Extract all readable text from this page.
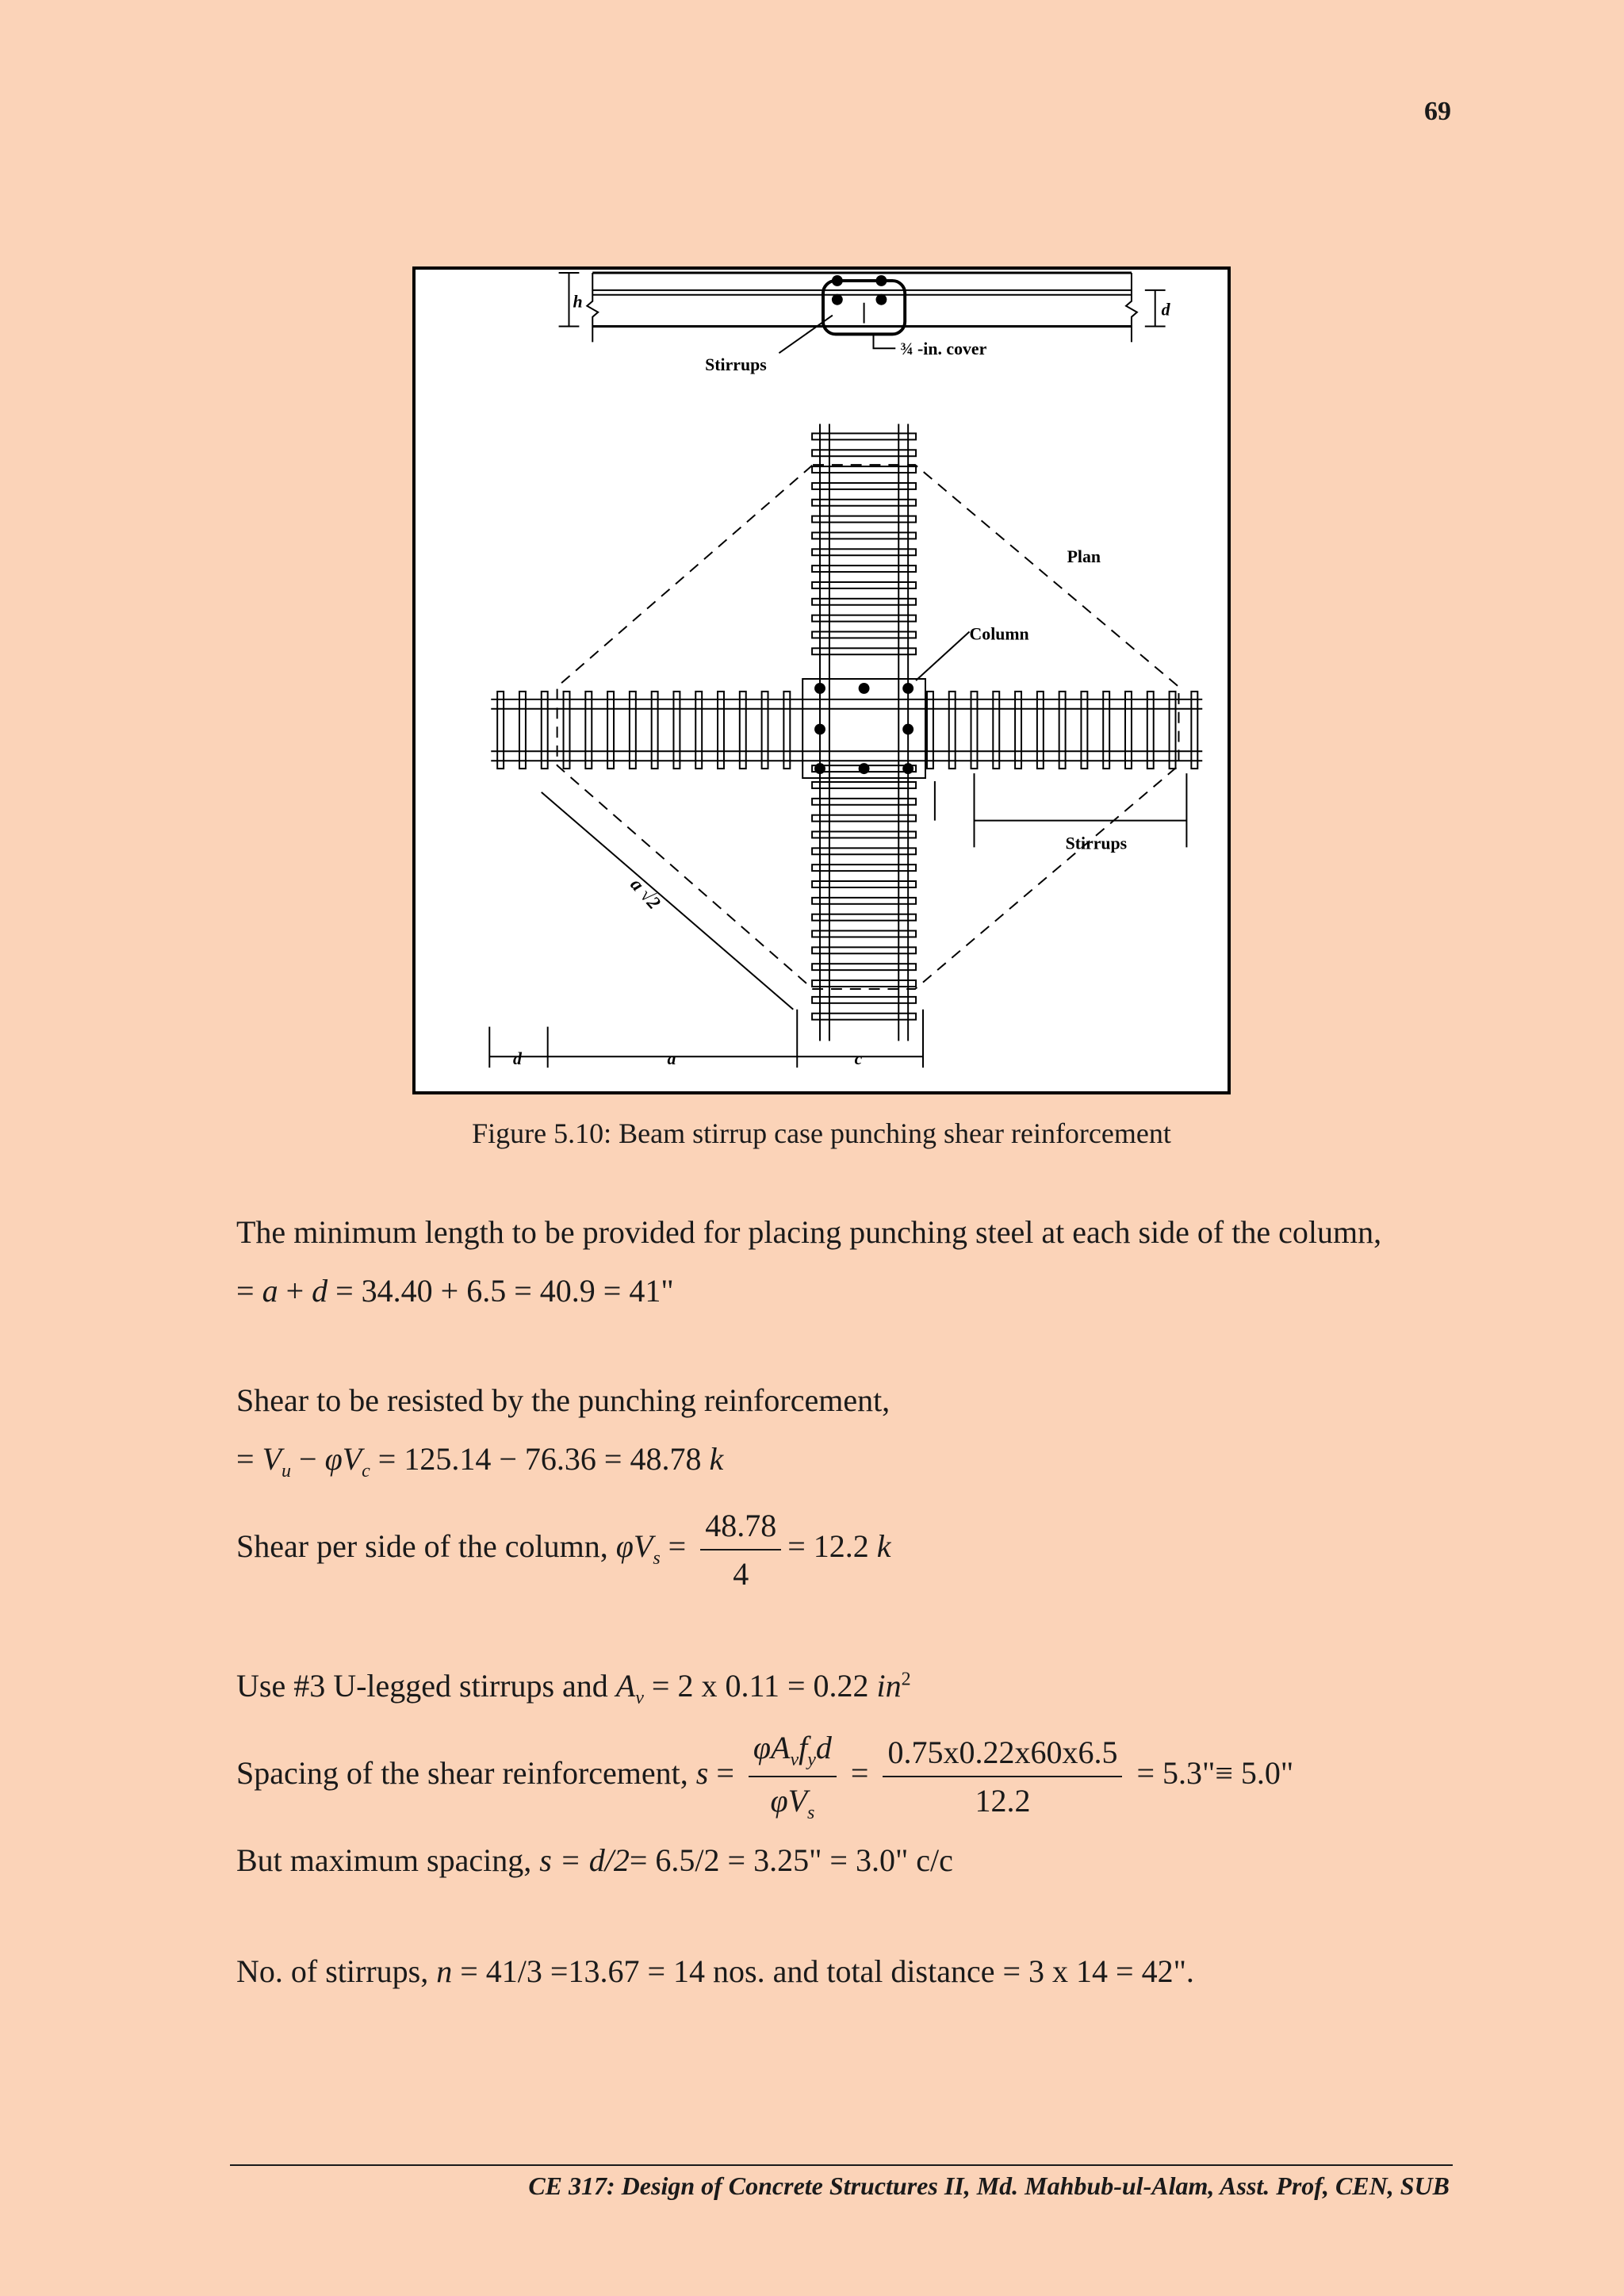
69
h	d
Stirrups
¾ -in. cover
Plan
Column
Stirrups
a √2
d	a	c
Figure 5.10: Beam stirrup case punching shear reinforcement
The minimum length to be provided for placing punching steel at each side of the column,
= a + d = 34.40 + 6.5 = 40.9 = 41"
Shear to be resisted by the punching reinforcement,
= $V_u - \varphi V_c = 125.14 - 76.36 = 48.78$ k
Shear per side of the column, $\varphi V_s = \frac{48.78}{4} = 12.2$ k
Use #3 U-legged stirrups and $A_v = 2$ x 0.11 = 0.22 $in^2$
Spacing of the shear reinforcement, $s = \frac{\varphi A_vf_yd}{\varphi V_s} = \frac{0.75x0.22x60x6.5}{12.2}$ = 5.3"≡ 5.0"
But maximum spacing, s = d/2= 6.5/2 = 3.25" = 3.0" c/c
No. of stirrups, n = 41/3 =13.67 = 14 nos. and total distance = 3 x 14 = 42".
CE 317: Design of Concrete Structures II, Md. Mahbub-ul-Alam, Asst. Prof, CEN, SUB
